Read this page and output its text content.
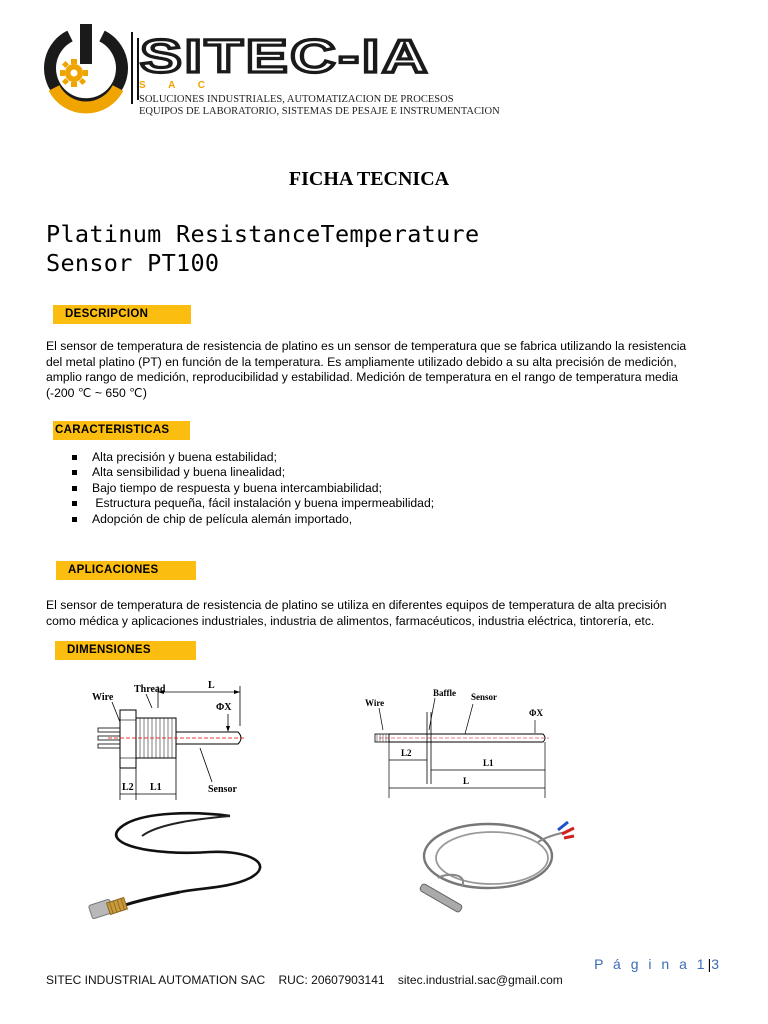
SITEC-IA
S A C
SOLUCIONES INDUSTRIALES, AUTOMATIZACION DE PROCESOS
EQUIPOS DE LABORATORIO, SISTEMAS DE PESAJE E INSTRUMENTACION
FICHA TECNICA
Platinum ResistanceTemperature
Sensor PT100
DESCRIPCION
El sensor de temperatura de resistencia de platino es un sensor de temperatura que se fabrica utilizando la resistencia
del metal platino (PT) en función de la temperatura. Es ampliamente utilizado debido a su alta precisión de medición,
amplio rango de medición, reproducibilidad y estabilidad. Medición de temperatura en el rango de temperatura media
(-200 ℃ ~ 650 ℃)
CARACTERISTICAS
Alta precisión y buena estabilidad;
Alta sensibilidad y buena linealidad;
Bajo tiempo de respuesta y buena intercambiabilidad;
Estructura pequeña, fácil instalación y buena impermeabilidad;
Adopción de chip de película alemán importado,
APLICACIONES
El sensor de temperatura de resistencia de platino se utiliza en diferentes equipos de temperatura de alta precisión
como médica y aplicaciones industriales, industria de alimentos, farmacéuticos, industria eléctrica, tintorería, etc.
DIMENSIONES
L
Thread
Wire
ΦX
L2 L1	Sensor
Wire
Baffle Sensor
ΦX
L2
L1
L
P á g i n a 1|3
SITEC INDUSTRIAL AUTOMATION SAC    RUC: 20607903141    sitec.industrial.sac@gmail.com
